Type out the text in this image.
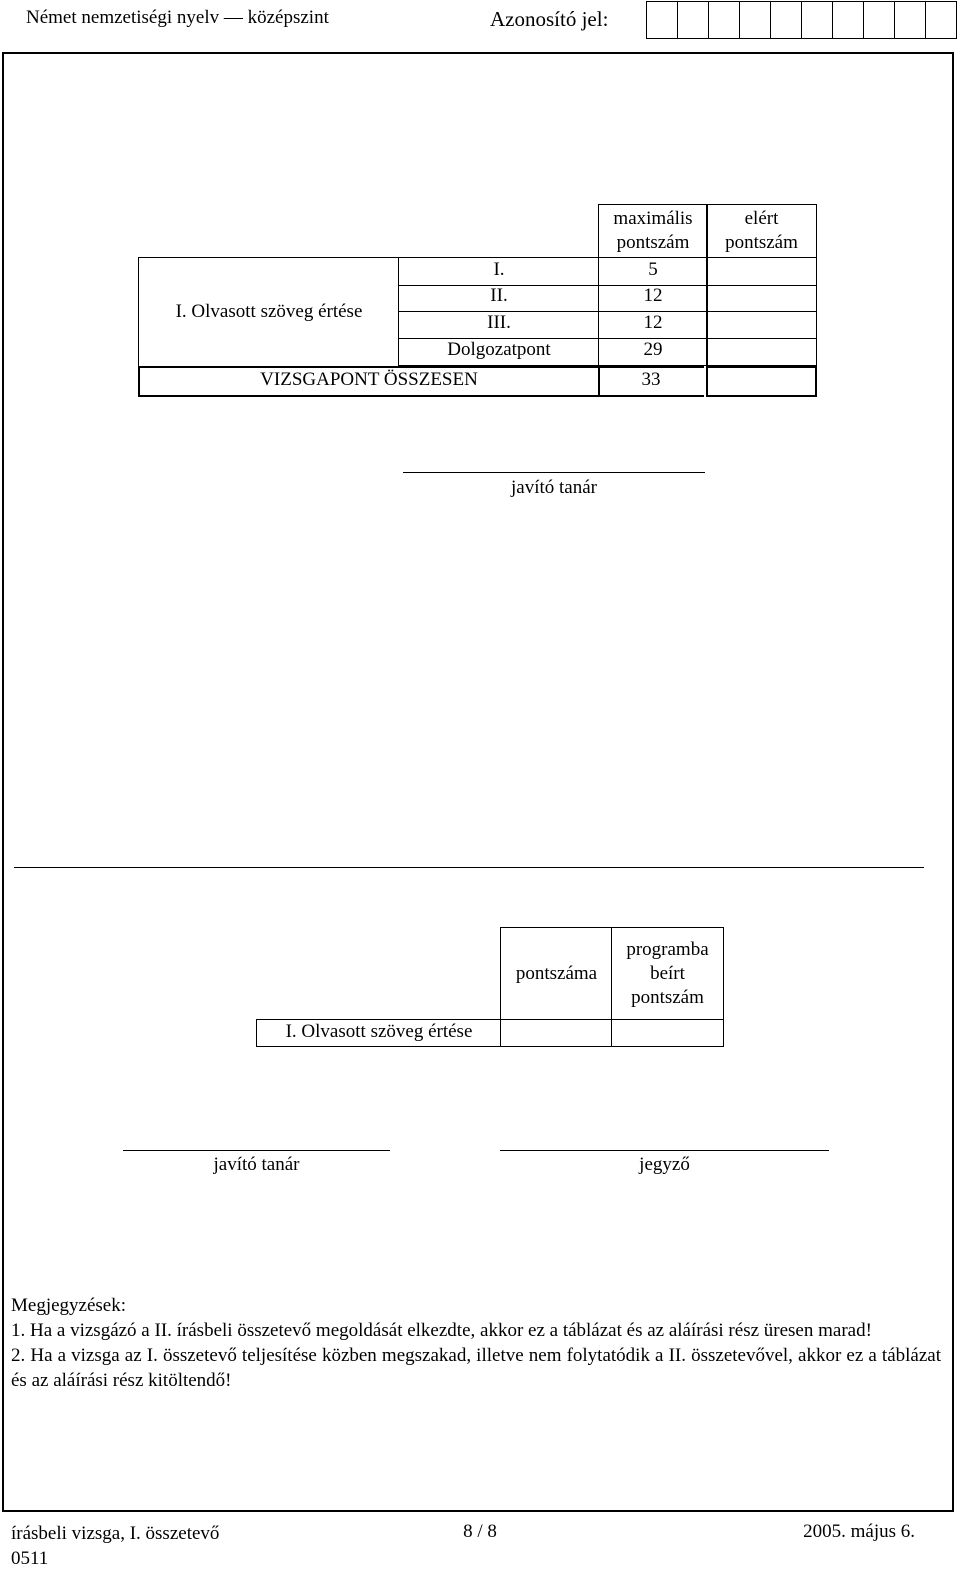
Német nemzetiségi nyelv — középszint	Azonosító jel:
maximális pontszám
elért pontszám
I. Olvasott szöveg értése
I.	5
II.	12
III.	12
Dolgozatpont	29
VIZSGAPONT ÖSSZESEN	33
javító tanár
pontszáma
programba beírt pontszám
I. Olvasott szöveg értése
javító tanár	jegyző
Megjegyzések:
1. Ha a vizsgázó a II. írásbeli összetevő megoldását elkezdte, akkor ez a táblázat és az aláírási rész üresen marad!
2. Ha a vizsga az I. összetevő teljesítése közben megszakad, illetve nem folytatódik a II. összetevővel, akkor ez a táblázat és az aláírási rész kitöltendő!
írásbeli vizsga, I. összetevő
0511
8 / 8	2005. május 6.
